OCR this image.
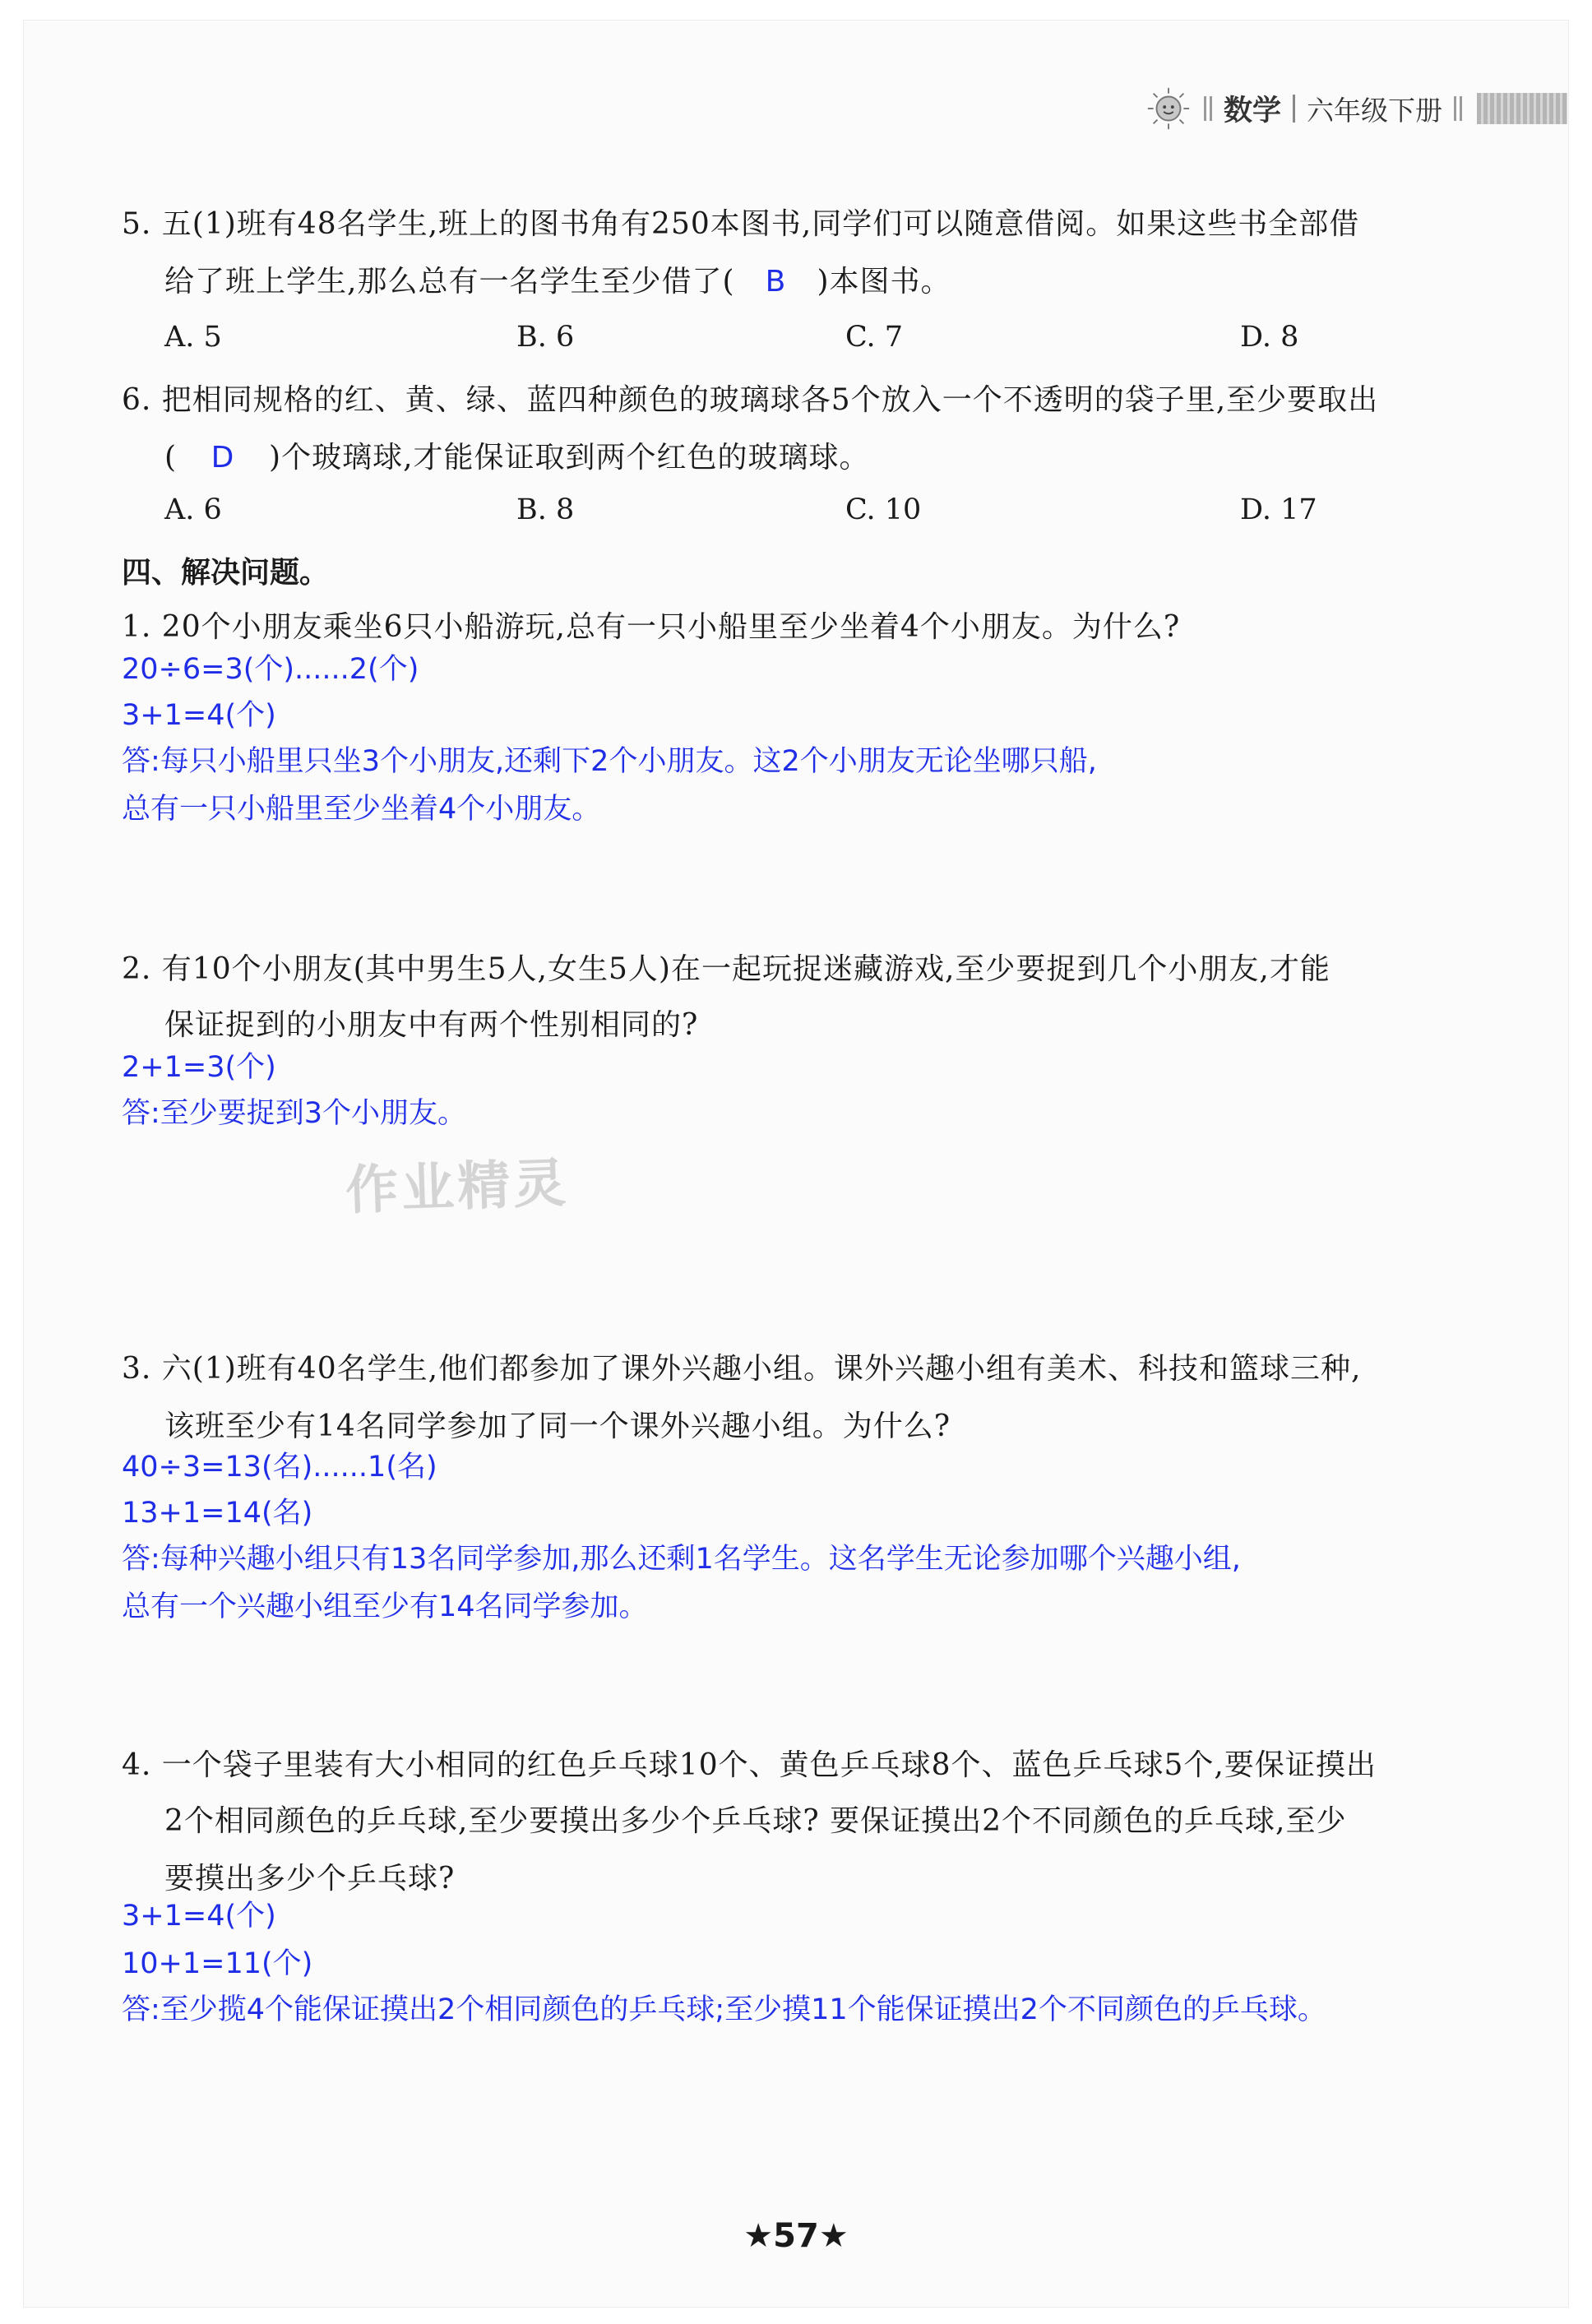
数学 六年级下册
5. 五(1)班有48名学生,班上的图书角有250本图书,同学们可以随意借阅。如果这些书全部借
给了班上学生,那么总有一名学生至少借了( B )本图书。
A. 5	B. 6	C. 7	D. 8
6. 把相同规格的红、黄、绿、蓝四种颜色的玻璃球各5个放入一个不透明的袋子里,至少要取出
( D )个玻璃球,才能保证取到两个红色的玻璃球。
A. 6	B. 8	C. 10	D. 17
四、解决问题。
1. 20个小朋友乘坐6只小船游玩,总有一只小船里至少坐着4个小朋友。为什么?
20÷6=3(个)......2(个)
3+1=4(个)
答:每只小船里只坐3个小朋友,还剩下2个小朋友。这2个小朋友无论坐哪只船,
总有一只小船里至少坐着4个小朋友。
2. 有10个小朋友(其中男生5人,女生5人)在一起玩捉迷藏游戏,至少要捉到几个小朋友,才能
保证捉到的小朋友中有两个性别相同的?
2+1=3(个)
答:至少要捉到3个小朋友。
作业精灵
3. 六(1)班有40名学生,他们都参加了课外兴趣小组。课外兴趣小组有美术、科技和篮球三种,
该班至少有14名同学参加了同一个课外兴趣小组。为什么?
40÷3=13(名)......1(名)
13+1=14(名)
答:每种兴趣小组只有13名同学参加,那么还剩1名学生。这名学生无论参加哪个兴趣小组,
总有一个兴趣小组至少有14名同学参加。
4. 一个袋子里装有大小相同的红色乒乓球10个、黄色乒乓球8个、蓝色乒乓球5个,要保证摸出
2个相同颜色的乒乓球,至少要摸出多少个乒乓球? 要保证摸出2个不同颜色的乒乓球,至少
要摸出多少个乒乓球?
3+1=4(个)
10+1=11(个)
答:至少揽4个能保证摸出2个相同颜色的乒乓球;至少摸11个能保证摸出2个不同颜色的乒乓球。
★57★
